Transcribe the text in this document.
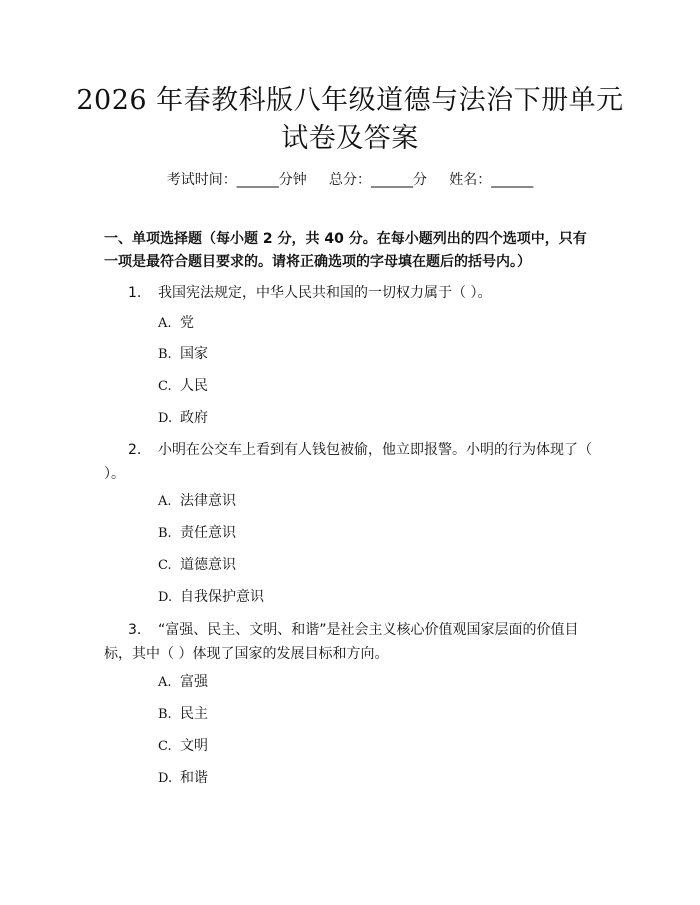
2026 年春教科版八年级道德与法治下册单元
试卷及答案
考试时间：______分钟     总分：______分     姓名：______
一、单项选择题（每小题 2 分，共 40 分。在每小题列出的四个选项中，只有一项是最符合题目要求的。请将正确选项的字母填在题后的括号内。）
1. 我国宪法规定，中华人民共和国的一切权力属于（ ）。
A. 党
B. 国家
C. 人民
D. 政府
2. 小明在公交车上看到有人钱包被偷，他立即报警。小明的行为体现了（ ）。
A. 法律意识
B. 责任意识
C. 道德意识
D. 自我保护意识
3. “富强、民主、文明、和谐”是社会主义核心价值观国家层面的价值目标，其中（ ）体现了国家的发展目标和方向。
A. 富强
B. 民主
C. 文明
D. 和谐
